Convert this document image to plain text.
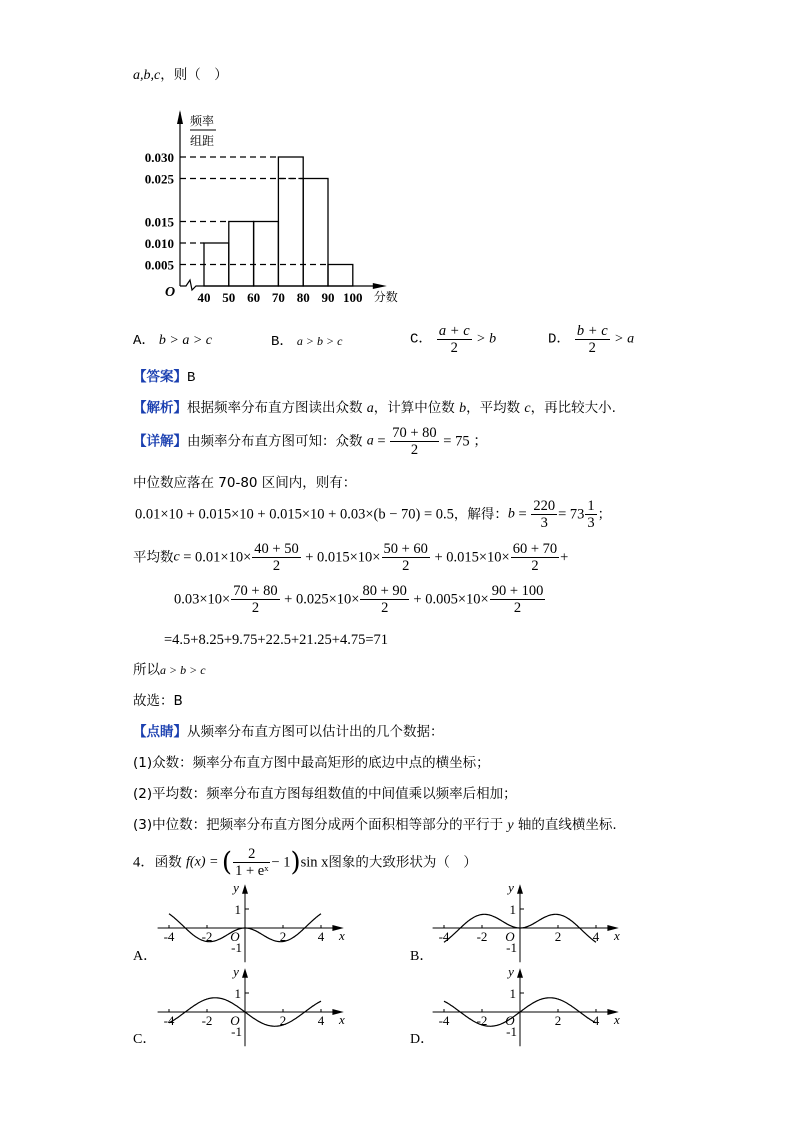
a,b,c，则（　）
0.030
0.025
0.015
0.010
0.005
40 50 60 70 80 90 100 分数
O
频率
组距
A． b > a > c	B． a > b > c	C． $\frac{a + c}{2} > b$	D． $\frac{b + c}{2} > a$
【答案】B
【解析】根据频率分布直方图读出众数 a，计算中位数 b，平均数 c，再比较大小.
【详解】由频率分布直方图可知：众数 $a = \frac{70 + 80}{2} = 75$ ；
中位数应落在 70-80 区间内，则有：
0.01×10 + 0.015×10 + 0.015×10 + 0.03×(b − 70) = 0.5，解得：$b = \frac{220}{3} = 73 \frac{1}{3}$ ；
平均数$c = 0.01\times 10\times \frac{40 + 50}{2} + 0.015\times 10\times \frac{50 + 60}{2} + 0.015\times 10\times \frac{60 + 70}{2}$ +
$0.03\times 10\times \frac{70 + 80}{2} + 0.025\times 10\times \frac{80 + 90}{2} + 0.005\times 10\times \frac{90 + 100}{2}$
=4.5+8.25+9.75+22.5+21.25+4.75=71
所以a > b > c
故选：B
【点睛】从频率分布直方图可以估计出的几个数据：
(1)众数：频率分布直方图中最高矩形的底边中点的横坐标；
(2)平均数：频率分布直方图每组数值的中间值乘以频率后相加；
(3)中位数：把频率分布直方图分成两个面积相等部分的平行于 y 轴的直线横坐标.
4．函数 f(x) = ( $\frac{2}{\text{1 + eˣ}} - 1)\sin$ x图象的大致形状为（　）
-4 -2	2 4
1
-1
O	x
y
A．
-4 -2	2 4
1
-1
O	x
y
B．
-4 -2	2 4
1
-1
O	x
y
C．
-4 -2	2 4
1
-1
O	x
y
D．
